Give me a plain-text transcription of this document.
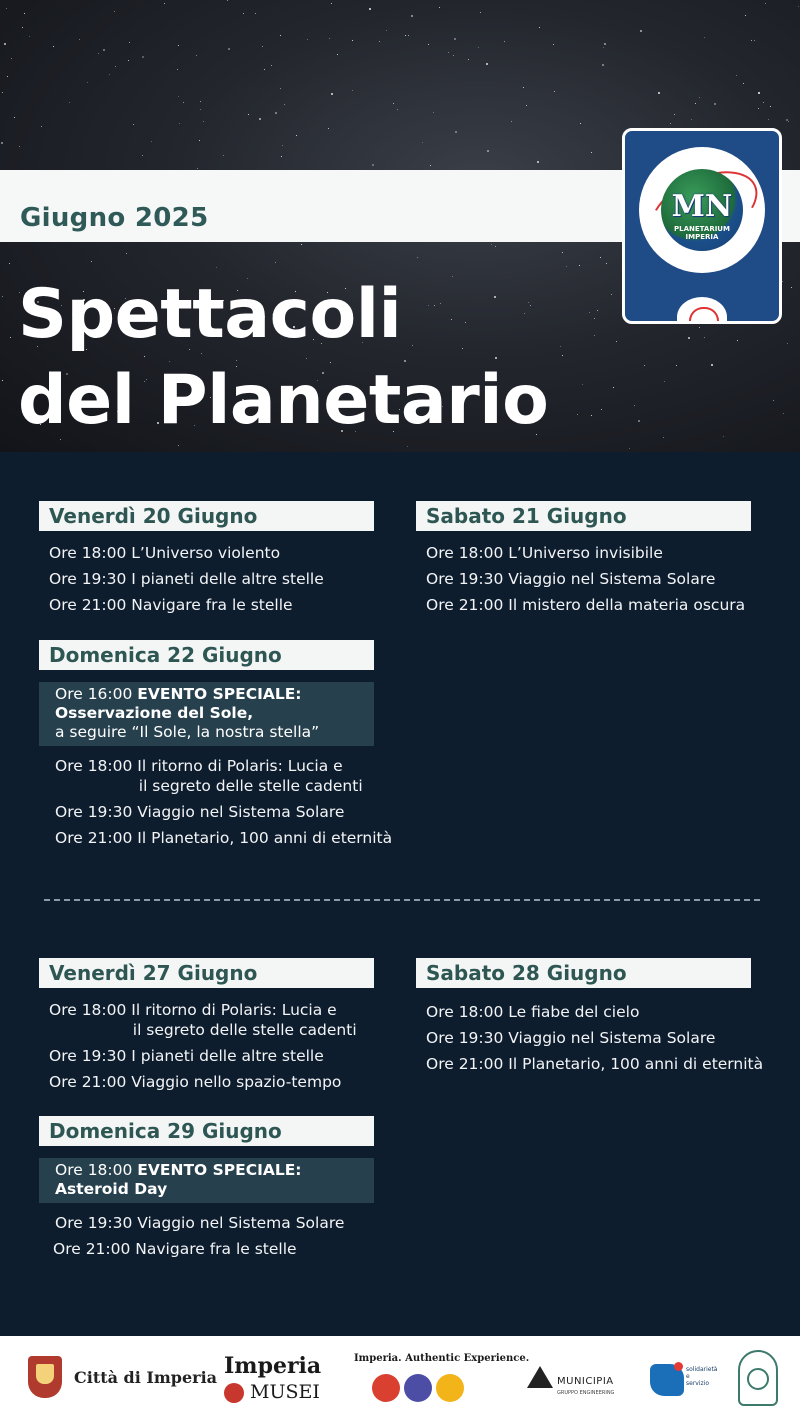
Giugno 2025
Spettacoli
del Planetario
MN
PLANETARIUM IMPERIA
Venerdì 20 Giugno
Ore 18:00 L’Universo violento
Ore 19:30 I pianeti delle altre stelle
Ore 21:00 Navigare fra le stelle
Sabato 21 Giugno
Ore 18:00 L’Universo invisibile
Ore 19:30 Viaggio nel Sistema Solare
Ore 21:00 Il mistero della materia oscura
Domenica 22 Giugno
Ore 16:00 EVENTO SPECIALE:
Osservazione del Sole,
a seguire “Il Sole, la nostra stella”
Ore 18:00 Il ritorno di Polaris: Lucia e
il segreto delle stelle cadenti
Ore 19:30 Viaggio nel Sistema Solare
Ore 21:00 Il Planetario, 100 anni di eternità
Venerdì 27 Giugno
Ore 18:00 Il ritorno di Polaris: Lucia e
il segreto delle stelle cadenti
Ore 19:30 I pianeti delle altre stelle
Ore 21:00 Viaggio nello spazio-tempo
Sabato 28 Giugno
Ore 18:00 Le fiabe del cielo
Ore 19:30 Viaggio nel Sistema Solare
Ore 21:00 Il Planetario, 100 anni di eternità
Domenica 29 Giugno
Ore 18:00 EVENTO SPECIALE:
Asteroid Day
Ore 19:30 Viaggio nel Sistema Solare
Ore 21:00 Navigare fra le stelle
Città di Imperia Imperia
MUSEI
Imperia. Authentic Experience.
MUNICIPIA
GRUPPO ENGINEERING
solidarietà e servizio
